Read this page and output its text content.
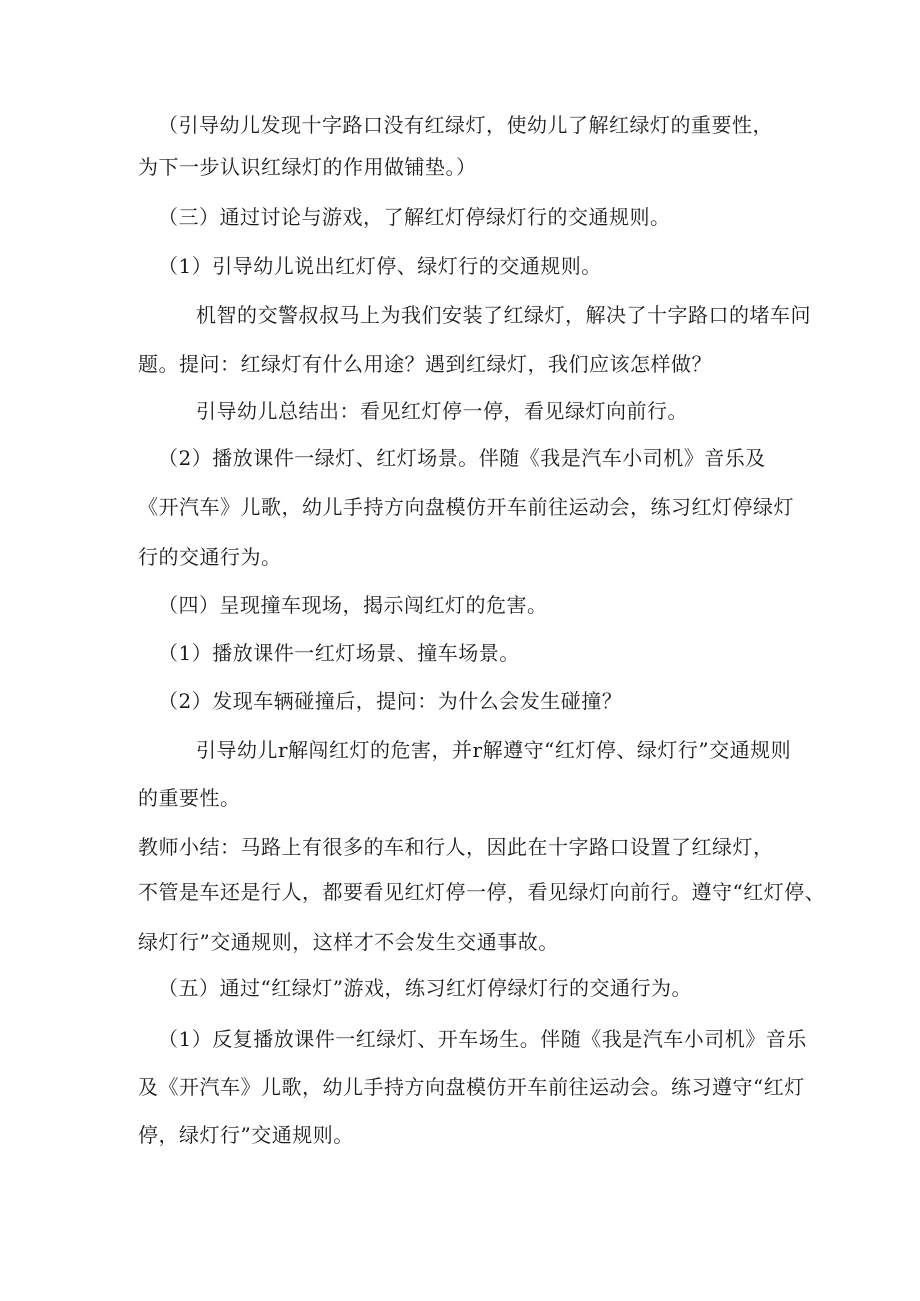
（引导幼儿发现十字路口没有红绿灯，使幼儿了解红绿灯的重要性，
为下一步认识红绿灯的作用做铺垫。）
（三）通过讨论与游戏，了解红灯停绿灯行的交通规则。
（1）引导幼儿说出红灯停、绿灯行的交通规则。
机智的交警叔叔马上为我们安装了红绿灯，解决了十字路口的堵车问
题。提问：红绿灯有什么用途？遇到红绿灯，我们应该怎样做？
引导幼儿总结出：看见红灯停一停，看见绿灯向前行。
（2）播放课件一绿灯、红灯场景。伴随《我是汽车小司机》音乐及
《开汽车》儿歌，幼儿手持方向盘模仿开车前往运动会，练习红灯停绿灯
行的交通行为。
（四）呈现撞车现场，揭示闯红灯的危害。
（1）播放课件一红灯场景、撞车场景。
（2）发现车辆碰撞后，提问：为什么会发生碰撞？
引导幼儿r解闯红灯的危害，并r解遵守“红灯停、绿灯行”交通规则
的重要性。
教师小结：马路上有很多的车和行人，因此在十字路口设置了红绿灯，
不管是车还是行人，都要看见红灯停一停，看见绿灯向前行。遵守“红灯停、
绿灯行”交通规则，这样才不会发生交通事故。
（五）通过“红绿灯”游戏，练习红灯停绿灯行的交通行为。
（1）反复播放课件一红绿灯、开车场生。伴随《我是汽车小司机》音乐
及《开汽车》儿歌，幼儿手持方向盘模仿开车前往运动会。练习遵守“红灯
停，绿灯行”交通规则。
